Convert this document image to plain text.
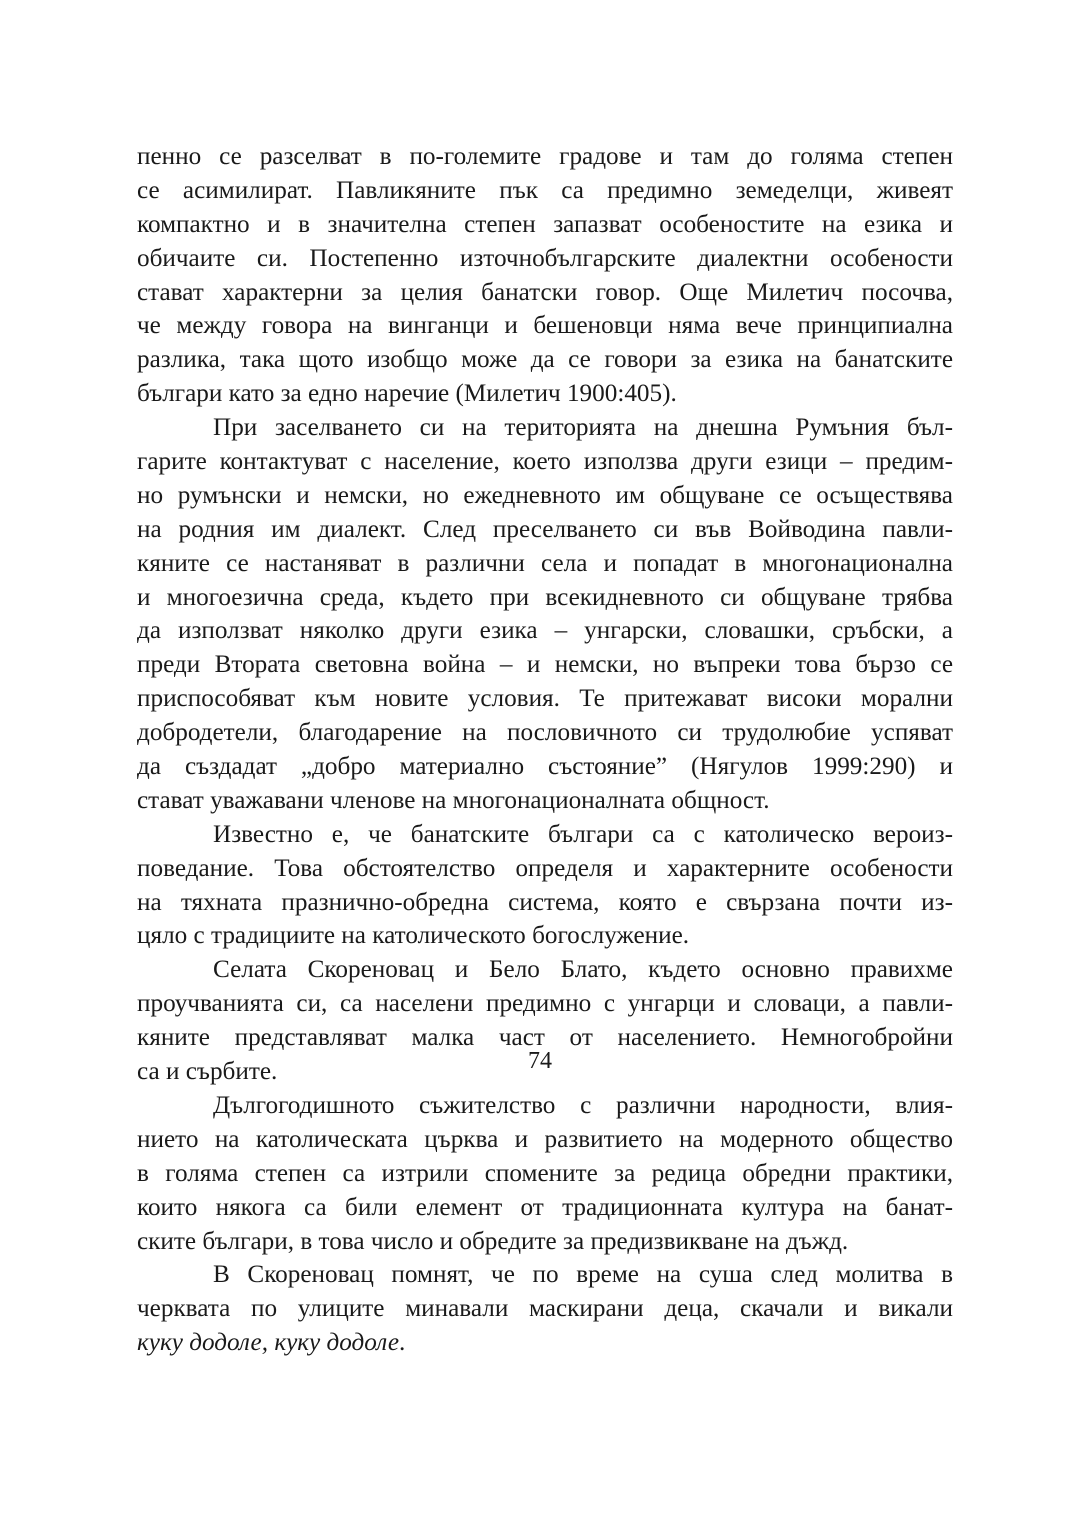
пенно се разселват в по-големите градове и там до голяма степен
се асимилират. Павликяните пък са предимно земеделци, живеят
компактно и в значителна степен запазват особеностите на езика и
обичаите си. Постепенно източнобългарските диалектни особености
стават характерни за целия банатски говор. Още Милетич посочва,
че между говора на винганци и бешеновци няма вече принципиална
разлика, така щото изобщо може да се говори за езика на банатските
българи като за едно наречие (Милетич 1900:405).
При заселването си на територията на днешна Румъния бъл-
гарите контактуват с население, което използва други езици – предим-
но румънски и немски, но ежедневното им общуване се осъществява
на родния им диалект. След преселването си във Войводина павли-
кяните се настаняват в различни села и попадат в многонационална
и многоезична среда, където при всекидневното си общуване трябва
да използват няколко други езика – унгарски, словашки, сръбски, а
преди Втората световна война – и немски, но въпреки това бързо се
приспособяват към новите условия. Те притежават високи морални
добродетели, благодарение на пословичното си трудолюбие успяват
да създадат „добро материално състояние” (Нягулов 1999:290) и
стават уважавани членове на многонационалната общност.
Известно е, че банатските българи са с католическо вероиз-
поведание. Това обстоятелство определя и характерните особености
на тяхната празнично-обредна система, която е свързана почти из-
цяло с традициите на католическото богослужение.
Селата Скореновац и Бело Блато, където основно правихме
проучванията си, са населени предимно с унгарци и словаци, а павли-
кяните представляват малка част от населението. Немногобройни
са и сърбите.
Дългогодишното съжителство с различни народности, влия-
нието на католическата църква и развитието на модерното общество
в голяма степен са изтрили спомените за редица обредни практики,
които някога са били елемент от традиционната култура на банат-
ските българи, в това число и обредите за предизвикване на дъжд.
В Скореновац помнят, че по време на суша след молитва в
черквата по улиците минавали маскирани деца, скачали и викали
куку додоле, куку додоле.
74
